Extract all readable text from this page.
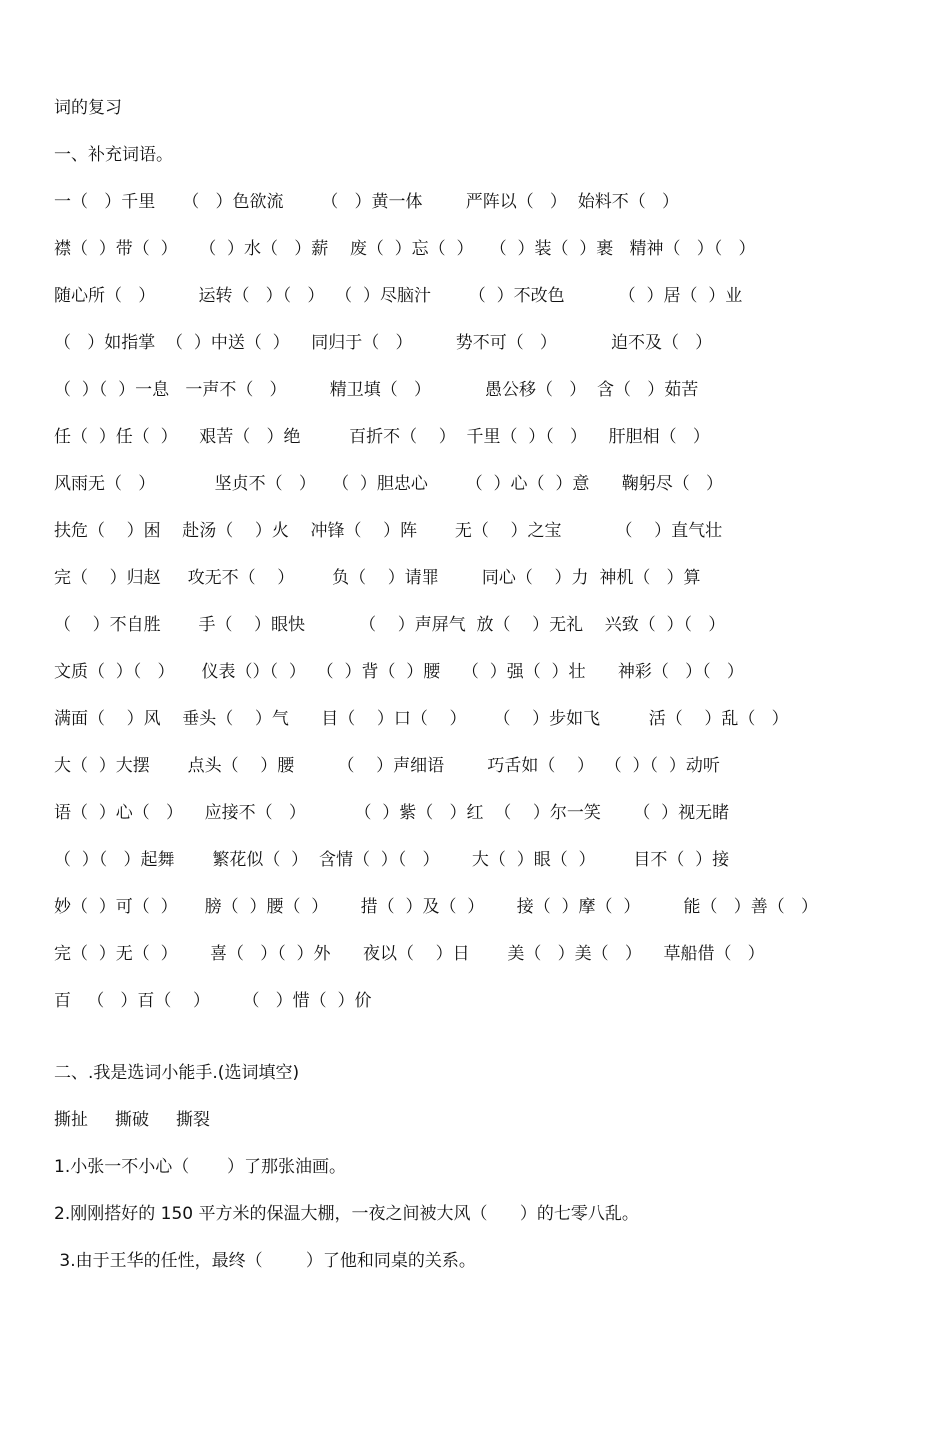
词的复习
一、补充词语。
一（   ）千里     （   ）色欲流       （   ）黄一体        严阵以（   ）  始料不（   ）
襟（  ）带（  ）    （  ）水（   ）薪    废（  ）忘（  ）   （  ）装（  ）裹   精神（   ）（   ）
随心所（   ）        运转（   ）（   ）  （  ）尽脑汁       （  ）不改色          （  ）居（  ）业
（   ）如指掌  （  ）中送（  ）    同归于（   ）        势不可（   ）          迫不及（   ）
（  ）（  ）一息   一声不（   ）        精卫填（   ）          愚公移（   ）  含（   ）茹苦
任（  ）任（  ）    艰苦（   ）绝         百折不（    ）  千里（  ）（   ）    肝胆相（   ）
风雨无（   ）           坚贞不（   ）   （  ）胆忠心       （  ）心（  ）意      鞠躬尽（   ）
扶危（    ）困    赴汤（    ）火    冲锋（    ）阵       无（    ）之宝          （    ）直气壮
完（    ）归赵     攻无不（    ）       负（    ）请罪        同心（    ）力  神机（   ）算
（    ）不自胜       手（    ）眼快          （    ）声屏气  放（    ）无礼    兴致（  ）（   ）
文质（  ）（   ）     仪表（）（  ）  （  ）背（  ）腰    （  ）强（  ）壮      神彩（   ）（   ）
满面（    ）风    垂头（    ）气      目（    ）口（    ）     （    ）步如飞         活（    ）乱（   ）
大（  ）大摆       点头（    ）腰        （    ）声细语        巧舌如（    ）  （  ）（  ）动听
语（  ）心（   ）    应接不（   ）         （  ）紫（   ）红  （    ）尔一笑      （  ）视无睹
（  ）（   ）起舞       繁花似（  ）  含情（  ）（   ）      大（  ）眼（  ）       目不（  ）接
妙（  ）可（  ）     膀（  ）腰（  ）      措（  ）及（  ）      接（  ）摩（  ）        能（   ）善（   ）
完（  ）无（  ）      喜（   ）（  ）外      夜以（    ）日       美（   ）美（   ）    草船借（   ）
百   （   ）百（    ）      （   ）惜（  ）价
二、.我是选词小能手.(选词填空)
撕扯     撕破     撕裂
1.小张一不小心（       ）了那张油画。
2.刚刚搭好的 150 平方米的保温大棚，一夜之间被大风（      ）的七零八乱。
3.由于王华的任性，最终（        ）了他和同桌的关系。
